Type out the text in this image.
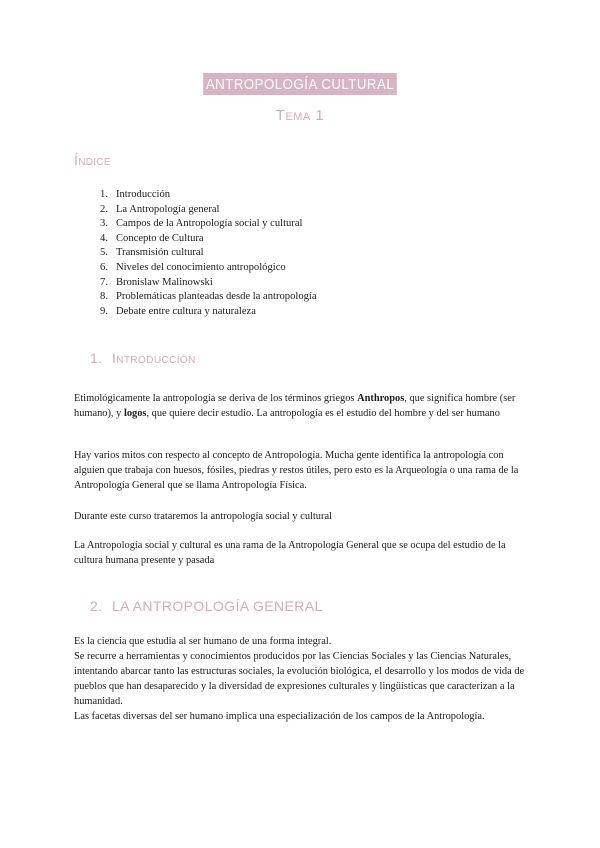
ANTROPOLOGÍA CULTURAL
Tema 1
Índice
1. Introducción
2. La Antropología general
3. Campos de la Antropología social y cultural
4. Concepto de Cultura
5. Transmisión cultural
6. Niveles del conocimiento antropológico
7. Bronislaw Malinowski
8. Problemáticas planteadas desde la antropología
9. Debate entre cultura y naturaleza
1. Introducción

Etimológicamente la antropología se deriva de los términos griegos Anthropos, que significa hombre (ser humano), y logos, que quiere decir estudio. La antropología es el estudio del hombre y del ser humano

Hay varios mitos con respecto al concepto de Antropología. Mucha gente identifica la antropología con alguien que trabaja con huesos, fósiles, piedras y restos útiles, pero esto es la Arqueología o una rama de la Antropología General que se llama Antropología Física.

Durante este curso trataremos la antropología social y cultural

La Antropología social y cultural es una rama de la Antropología General que se ocupa del estudio de la cultura humana presente y pasada

2. LA ANTROPOLOGÍA GENERAL
Es la ciencia que estudia al ser humano de una forma integral.
Se recurre a herramientas y conocimientos producidos por las Ciencias Sociales y las Ciencias Naturales, intentando abarcar tanto las estructuras sociales, la evolución biológica, el desarrollo y los modos de vida de pueblos que han desaparecido y la diversidad de expresiones culturales y lingüísticas que caracterizan a la humanidad.
Las facetas diversas del ser humano implica una especialización de los campos de la Antropología.
